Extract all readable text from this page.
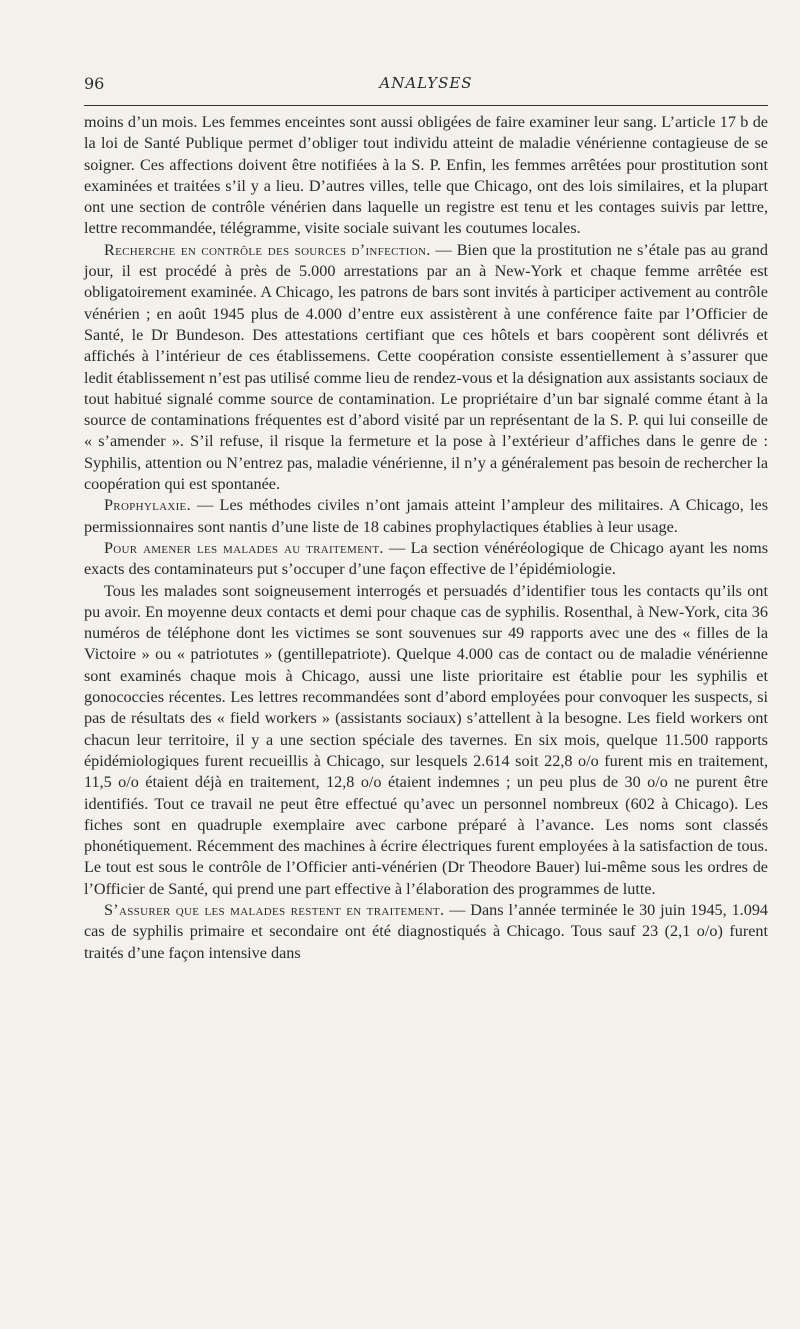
96	ANALYSES

moins d’un mois. Les femmes enceintes sont aussi obligées de faire examiner leur sang. L’article 17 b de la loi de Santé Publique permet d’obliger tout individu atteint de maladie vénérienne contagieuse de se soigner. Ces affections doivent être notifiées à la S. P. Enfin, les femmes arrêtées pour prostitution sont examinées et traitées s’il y a lieu. D’autres villes, telle que Chicago, ont des lois similaires, et la plupart ont une section de contrôle vénérien dans laquelle un registre est tenu et les contages suivis par lettre, lettre recommandée, télégramme, visite sociale suivant les coutumes locales.

Recherche en contrôle des sources d’infection. — Bien que la prostitution ne s’étale pas au grand jour, il est procédé à près de 5.000 arrestations par an à New-York et chaque femme arrêtée est obligatoirement examinée. A Chicago, les patrons de bars sont invités à participer activement au contrôle vénérien ; en août 1945 plus de 4.000 d’entre eux assistèrent à une conférence faite par l’Officier de Santé, le Dr Bundeson. Des attestations certifiant que ces hôtels et bars coopèrent sont délivrés et affichés à l’intérieur de ces établissemens. Cette coopération consiste essentiellement à s’assurer que ledit établissement n’est pas utilisé comme lieu de rendez-vous et la désignation aux assistants sociaux de tout habitué signalé comme source de contamination. Le propriétaire d’un bar signalé comme étant à la source de contaminations fréquentes est d’abord visité par un représentant de la S. P. qui lui conseille de « s’amender ». S’il refuse, il risque la fermeture et la pose à l’extérieur d’affiches dans le genre de : Syphilis, attention ou N’entrez pas, maladie vénérienne, il n’y a généralement pas besoin de rechercher la coopération qui est spontanée.

Prophylaxie. — Les méthodes civiles n’ont jamais atteint l’ampleur des militaires. A Chicago, les permissionnaires sont nantis d’une liste de 18 cabines prophylactiques établies à leur usage.

Pour amener les malades au traitement. — La section vénéréologique de Chicago ayant les noms exacts des contaminateurs put s’occuper d’une façon effective de l’épidémiologie.

Tous les malades sont soigneusement interrogés et persuadés d’identifier tous les contacts qu’ils ont pu avoir. En moyenne deux contacts et demi pour chaque cas de syphilis. Rosenthal, à New-York, cita 36 numéros de téléphone dont les victimes se sont souvenues sur 49 rapports avec une des « filles de la Victoire » ou « patriotutes » (gentillepatriote). Quelque 4.000 cas de contact ou de maladie vénérienne sont examinés chaque mois à Chicago, aussi une liste prioritaire est établie pour les syphilis et gonococcies récentes. Les lettres recommandées sont d’abord employées pour convoquer les suspects, si pas de résultats des « field workers » (assistants sociaux) s’attellent à la besogne. Les field workers ont chacun leur territoire, il y a une section spéciale des tavernes. En six mois, quelque 11.500 rapports épidémiologiques furent recueillis à Chicago, sur lesquels 2.614 soit 22,8 o/o furent mis en traitement, 11,5 o/o étaient déjà en traitement, 12,8 o/o étaient indemnes ; un peu plus de 30 o/o ne purent être identifiés. Tout ce travail ne peut être effectué qu’avec un personnel nombreux (602 à Chicago). Les fiches sont en quadruple exemplaire avec carbone préparé à l’avance. Les noms sont classés phonétiquement. Récemment des machines à écrire électriques furent employées à la satisfaction de tous. Le tout est sous le contrôle de l’Officier anti-vénérien (Dr Theodore Bauer) lui-même sous les ordres de l’Officier de Santé, qui prend une part effective à l’élaboration des programmes de lutte.

S’assurer que les malades restent en traitement. — Dans l’année terminée le 30 juin 1945, 1.094 cas de syphilis primaire et secondaire ont été diagnostiqués à Chicago. Tous sauf 23 (2,1 o/o) furent traités d’une façon intensive dans
